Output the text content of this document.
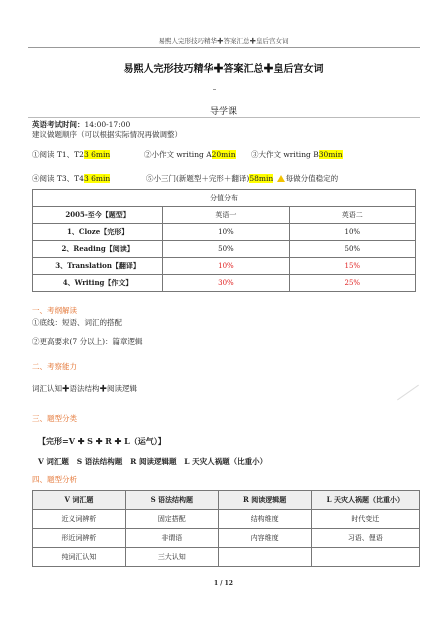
易熙人完形技巧精华✚答案汇总✚皇后宫女词
易熙人完形技巧精华✚答案汇总✚皇后宫女词
导学课
英语考试时间：14:00-17:00
建议做题顺序（可以根据实际情况再做调整）
①阅读 T1、T23 6min	②小作文 writing A20min ③大作文 writing B30min
④阅读 T3、T43 6min	⑤小三门(新题型＋完形＋翻译)58min 每做分值稳定的
分值分布		
2005-至今【题型】	英语一	英语二
1、Cloze【完形】	10%	10%
2、Reading【阅读】	50%	50%
3、Translation【翻译】	10%	15%
4、Writing【作文】	30%	25%
一、考纲解读
①底线：短语、词汇的搭配
②更高要求(7 分以上)：篇章逻辑
二、考察能力
词汇认知✚语法结构✚阅读逻辑
三、题型分类
【完形=V ✚ S ✚ R ✚ L（运气）】
V 词汇题   S 语法结构题   R 阅读逻辑题   L 天灾人祸题（比重小）
四、题型分析
V 词汇题	S 语法结构题	R 阅读逻辑题	L 天灾人祸题（比重小）
近义词辨析	固定搭配	结构维度	时代变迁
形近词辨析	非谓语	内容维度	习语、俚语
纯词汇认知	三大认知		
1 / 12
